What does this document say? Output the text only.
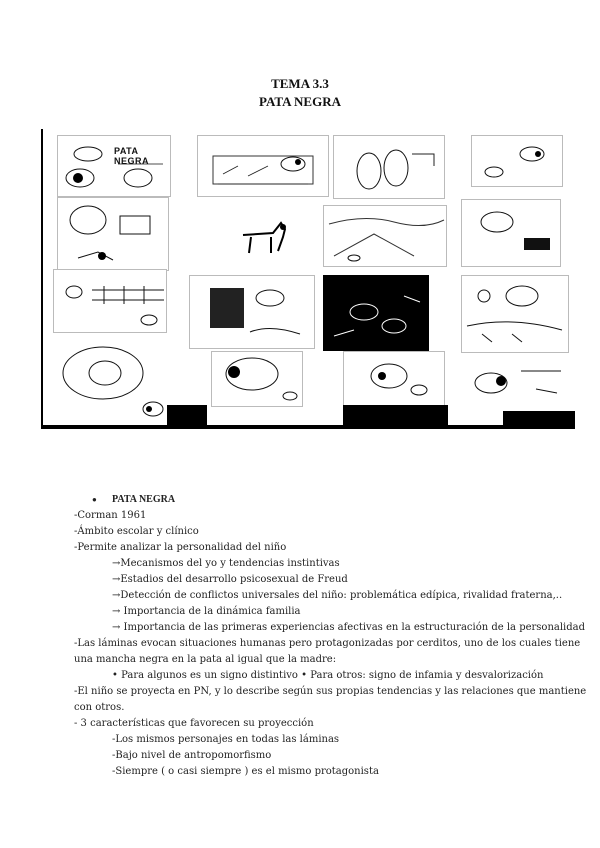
TEMA 3.3
PATA NEGRA
PATA NEGRA
● PATA NEGRA
-Corman 1961
-Ámbito escolar y clínico
-Permite analizar la personalidad del niño
→Mecanismos del yo y tendencias instintivas
→Estadios del desarrollo psicosexual de Freud
→Detección de conflictos universales del niño: problemática edípica, rivalidad fraterna,..
→ Importancia de la dinámica familia
→ Importancia de las primeras experiencias afectivas en la estructuración de la personalidad
-Las láminas evocan situaciones humanas pero protagonizadas por cerditos, uno de los cuales tiene
una mancha negra en la pata al igual que la madre:
• Para algunos es un signo distintivo • Para otros: signo de infamia y desvalorización
-El niño se proyecta en PN, y lo describe según sus propias tendencias y las relaciones que mantiene
con otros.
- 3 características que favorecen su proyección
-Los mismos personajes en todas las láminas
-Bajo nivel de antropomorfismo
-Siempre ( o casi siempre ) es el mismo protagonista
